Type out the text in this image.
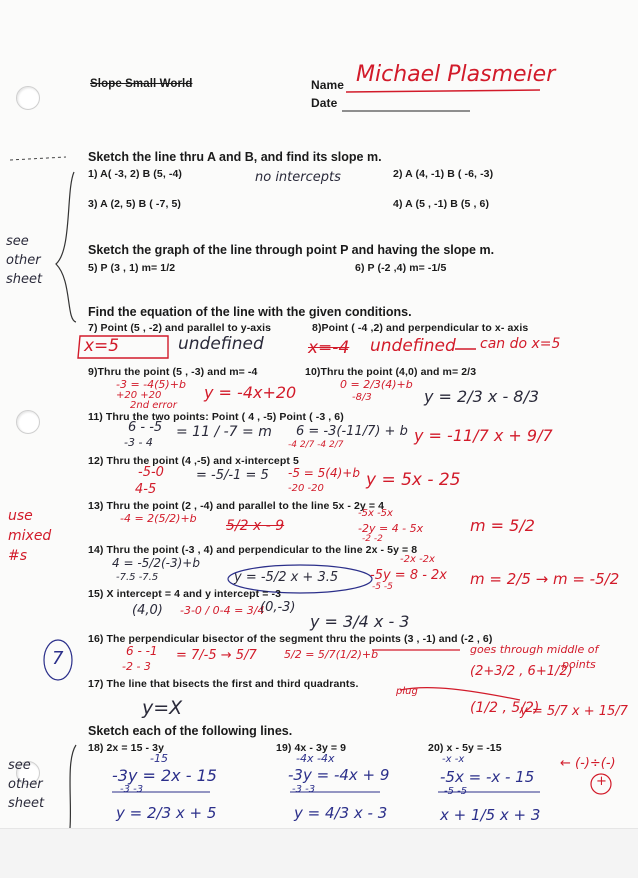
Slope Small World	Name Michael Plasmeier
Date
Sketch the line thru A and B, and find its slope m.
1) A( -3, 2) B (5, -4)	2) A (4, -1) B ( -6, -3)
no intercepts
3) A (2, 5) B ( -7, 5)	4) A (5 , -1) B (5 , 6)
see
other
sheet
Sketch the graph of the line through point P and having the slope m.
5) P (3 , 1) m= 1/2	6) P (-2 ,4) m= -1/5
Find the equation of the line with the given conditions.
7) Point (5 , -2) and parallel to y-axis	8)Point ( -4 ,2) and perpendicular to x- axis
x=5	undefined	x=-4 undefined can do x=5
9)Thru the point (5 , -3) and m= -4	10)Thru the point (4,0) and m= 2/3
-3 = -4(5)+b
+20 +20
2nd error
y = -4x+20	0 = 2/3(4)+b
-8/3	y = 2/3 x - 8/3
11) Thru the two points: Point ( 4 , -5) Point ( -3 , 6)
6 - -5
-3 - 4
= 11 / -7 = m 6 = -3(-11/7) + b
-4 2/7 -4 2/7	y = -11/7 x + 9/7
12) Thru the point (4 ,-5) and x-intercept 5
-5-0
4-5
= -5/-1 = 5 -5 = 5(4)+b
-20 -20 y = 5x - 25
use
mixed
#s
13) Thru the point (2 , -4) and parallel to the line 5x - 2y = 4
-4 = 2(5/2)+b 5/2 x - 9
-5x -5x
-2y = 4 - 5x
-2 -2
m = 5/2
14) Thru the point (-3 , 4) and perpendicular to the line 2x - 5y = 8
4 = -5/2(-3)+b
-7.5 -7.5	y = -5/2 x + 3.5
-2x -2x
-5y = 8 - 2x
-5 -5	m = 2/5 → m = -5/2
15) X intercept = 4 and y intercept = -3
(4,0) -3-0 / 0-4 = 3/4
(0,-3)
y = 3/4 x - 3
7
16) The perpendicular bisector of the segment thru the points (3 , -1) and (-2 , 6)
6 - -1
-2 - 3
= 7/-5 → 5/7 5/2 = 5/7(1/2)+b	goes through middle of
points
(2+3/2 , 6+1/2)
17) The line that bisects the first and third quadrants.
plug
(1/2 , 5/2)
y = 5/7 x + 15/7
y=X
Sketch each of the following lines.
18) 2x = 15 - 3y	19) 4x - 3y = 9	20) x - 5y = -15
see
other
sheet
-15
-3y = 2x - 15
-3 -3
y = 2/3 x + 5
-4x -4x
-3y = -4x + 9
-3 -3
y = 4/3 x - 3
-x -x
-5x = -x - 15
-5 -5
x + 1/5 x + 3
← (-)÷(-)
+
